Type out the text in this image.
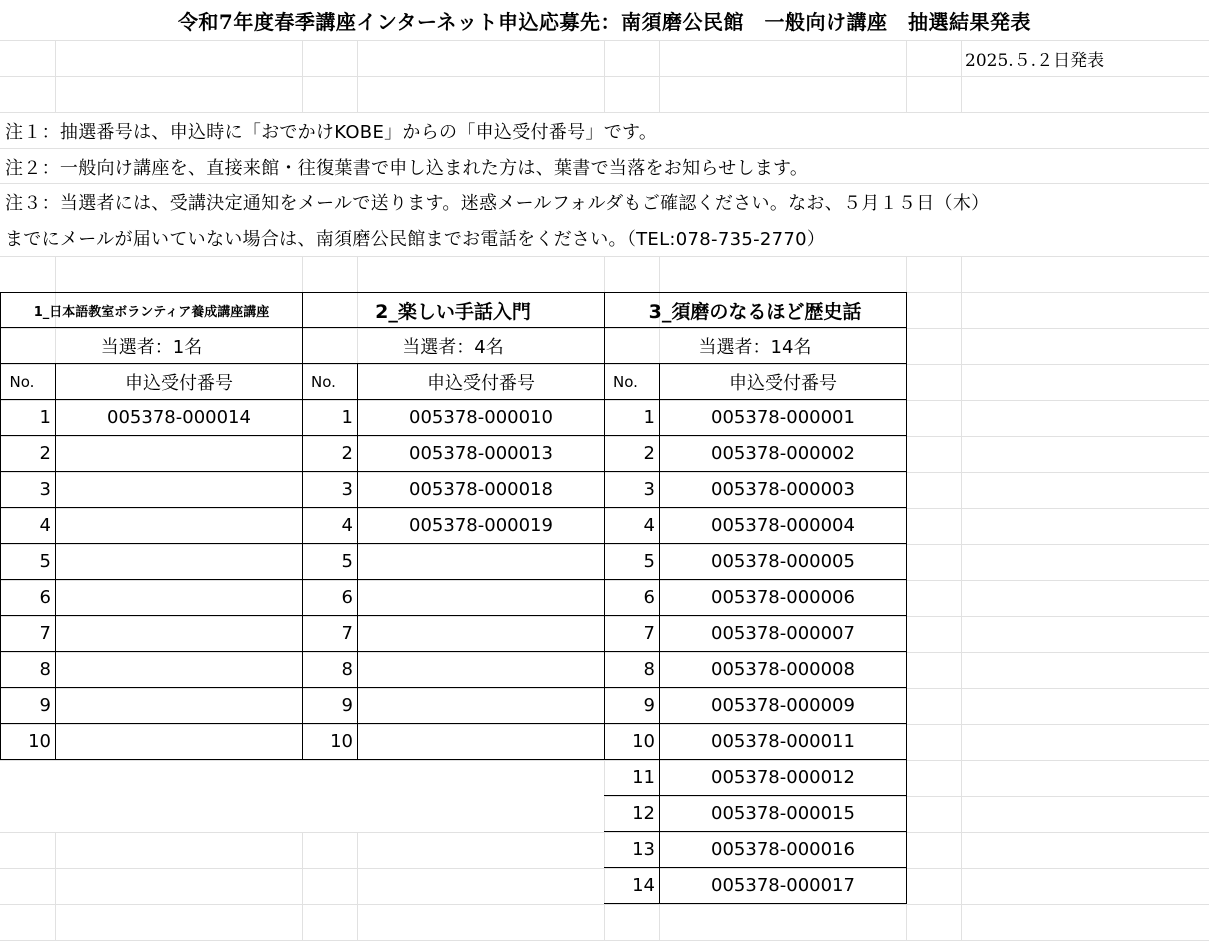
令和7年度春季講座インターネット申込応募先：南須磨公民館　一般向け講座　抽選結果発表
2025.５.２日発表
注１：抽選番号は、申込時に「おでかけKOBE」からの「申込受付番号」です。
注２：一般向け講座を、直接来館・往復葉書で申し込まれた方は、葉書で当落をお知らせします。
注３：当選者には、受講決定通知をメールで送ります。迷惑メールフォルダもご確認ください。なお、５月１５日（木）
までにメールが届いていない場合は、南須磨公民館までお電話をください。（TEL:078-735-2770）
1_日本語教室ボランティア養成講座講座
当選者：1名
No.	申込受付番号
1	005378-000014
2
3
4
5
6
7
8
9
10
2_楽しい手話入門
当選者：4名
No.	申込受付番号
1	005378-000010
2	005378-000013
3	005378-000018
4	005378-000019
5
6
7
8
9
10
3_須磨のなるほど歴史話
当選者：14名
No.	申込受付番号
1	005378-000001
2	005378-000002
3	005378-000003
4	005378-000004
5	005378-000005
6	005378-000006
7	005378-000007
8	005378-000008
9	005378-000009
10	005378-000011
11	005378-000012
12	005378-000015
13	005378-000016
14	005378-000017
